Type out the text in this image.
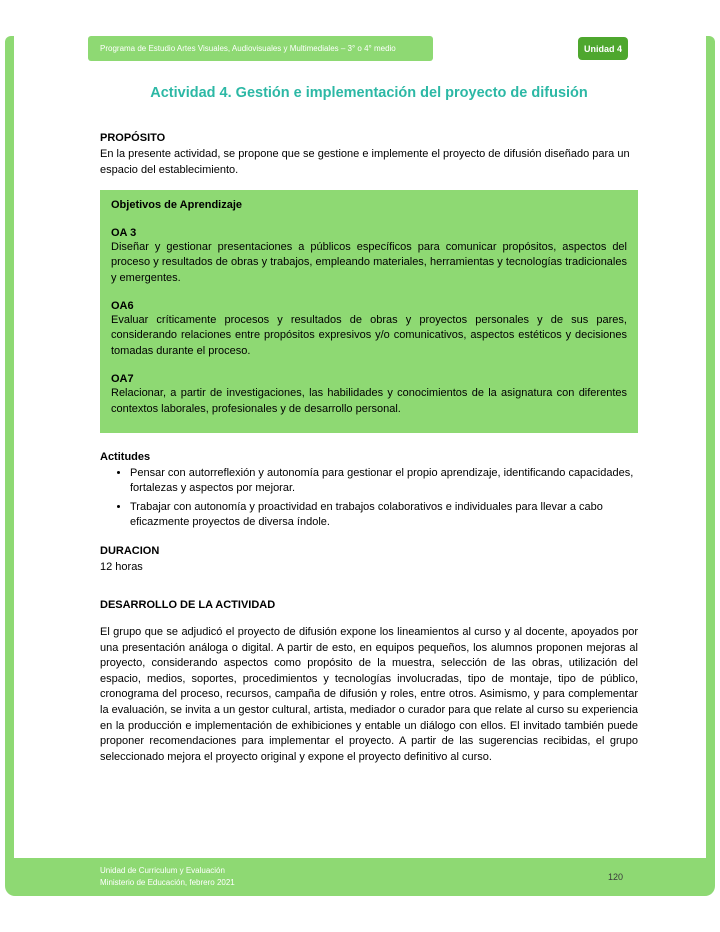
Programa de Estudio Artes Visuales, Audiovisuales y Multimediales – 3° o 4° medio	Unidad 4
Actividad 4. Gestión e implementación del proyecto de difusión
PROPÓSITO

En la presente actividad, se propone que se gestione e implemente el proyecto de difusión diseñado para un espacio del establecimiento.

Objetivos de Aprendizaje
OA 3

Diseñar y gestionar presentaciones a públicos específicos para comunicar propósitos, aspectos del proceso y resultados de obras y trabajos, empleando materiales, herramientas y tecnologías tradicionales y emergentes.

OA6

Evaluar críticamente procesos y resultados de obras y proyectos personales y de sus pares, considerando relaciones entre propósitos expresivos y/o comunicativos, aspectos estéticos y decisiones tomadas durante el proceso.

OA7

Relacionar, a partir de investigaciones, las habilidades y conocimientos de la asignatura con diferentes contextos laborales, profesionales y de desarrollo personal.

Actitudes
• Pensar con autorreflexión y autonomía para gestionar el propio aprendizaje, identificando capacidades, fortalezas y aspectos por mejorar.
• Trabajar con autonomía y proactividad en trabajos colaborativos e individuales para llevar a cabo eficazmente proyectos de diversa índole.
DURACION

12 horas

DESARROLLO DE LA ACTIVIDAD

El grupo que se adjudicó el proyecto de difusión expone los lineamientos al curso y al docente, apoyados por una presentación análoga o digital. A partir de esto, en equipos pequeños, los alumnos proponen mejoras al proyecto, considerando aspectos como propósito de la muestra, selección de las obras, utilización del espacio, medios, soportes, procedimientos y tecnologías involucradas, tipo de montaje, tipo de público, cronograma del proceso, recursos, campaña de difusión y roles, entre otros. Asimismo, y para complementar la evaluación, se invita a un gestor cultural, artista, mediador o curador para que relate al curso su experiencia en la producción e implementación de exhibiciones y entable un diálogo con ellos. El invitado también puede proponer recomendaciones para implementar el proyecto. A partir de las sugerencias recibidas, el grupo seleccionado mejora el proyecto original y expone el proyecto definitivo al curso.

Unidad de Curriculum y Evaluación
Ministerio de Educación, febrero 2021
120
